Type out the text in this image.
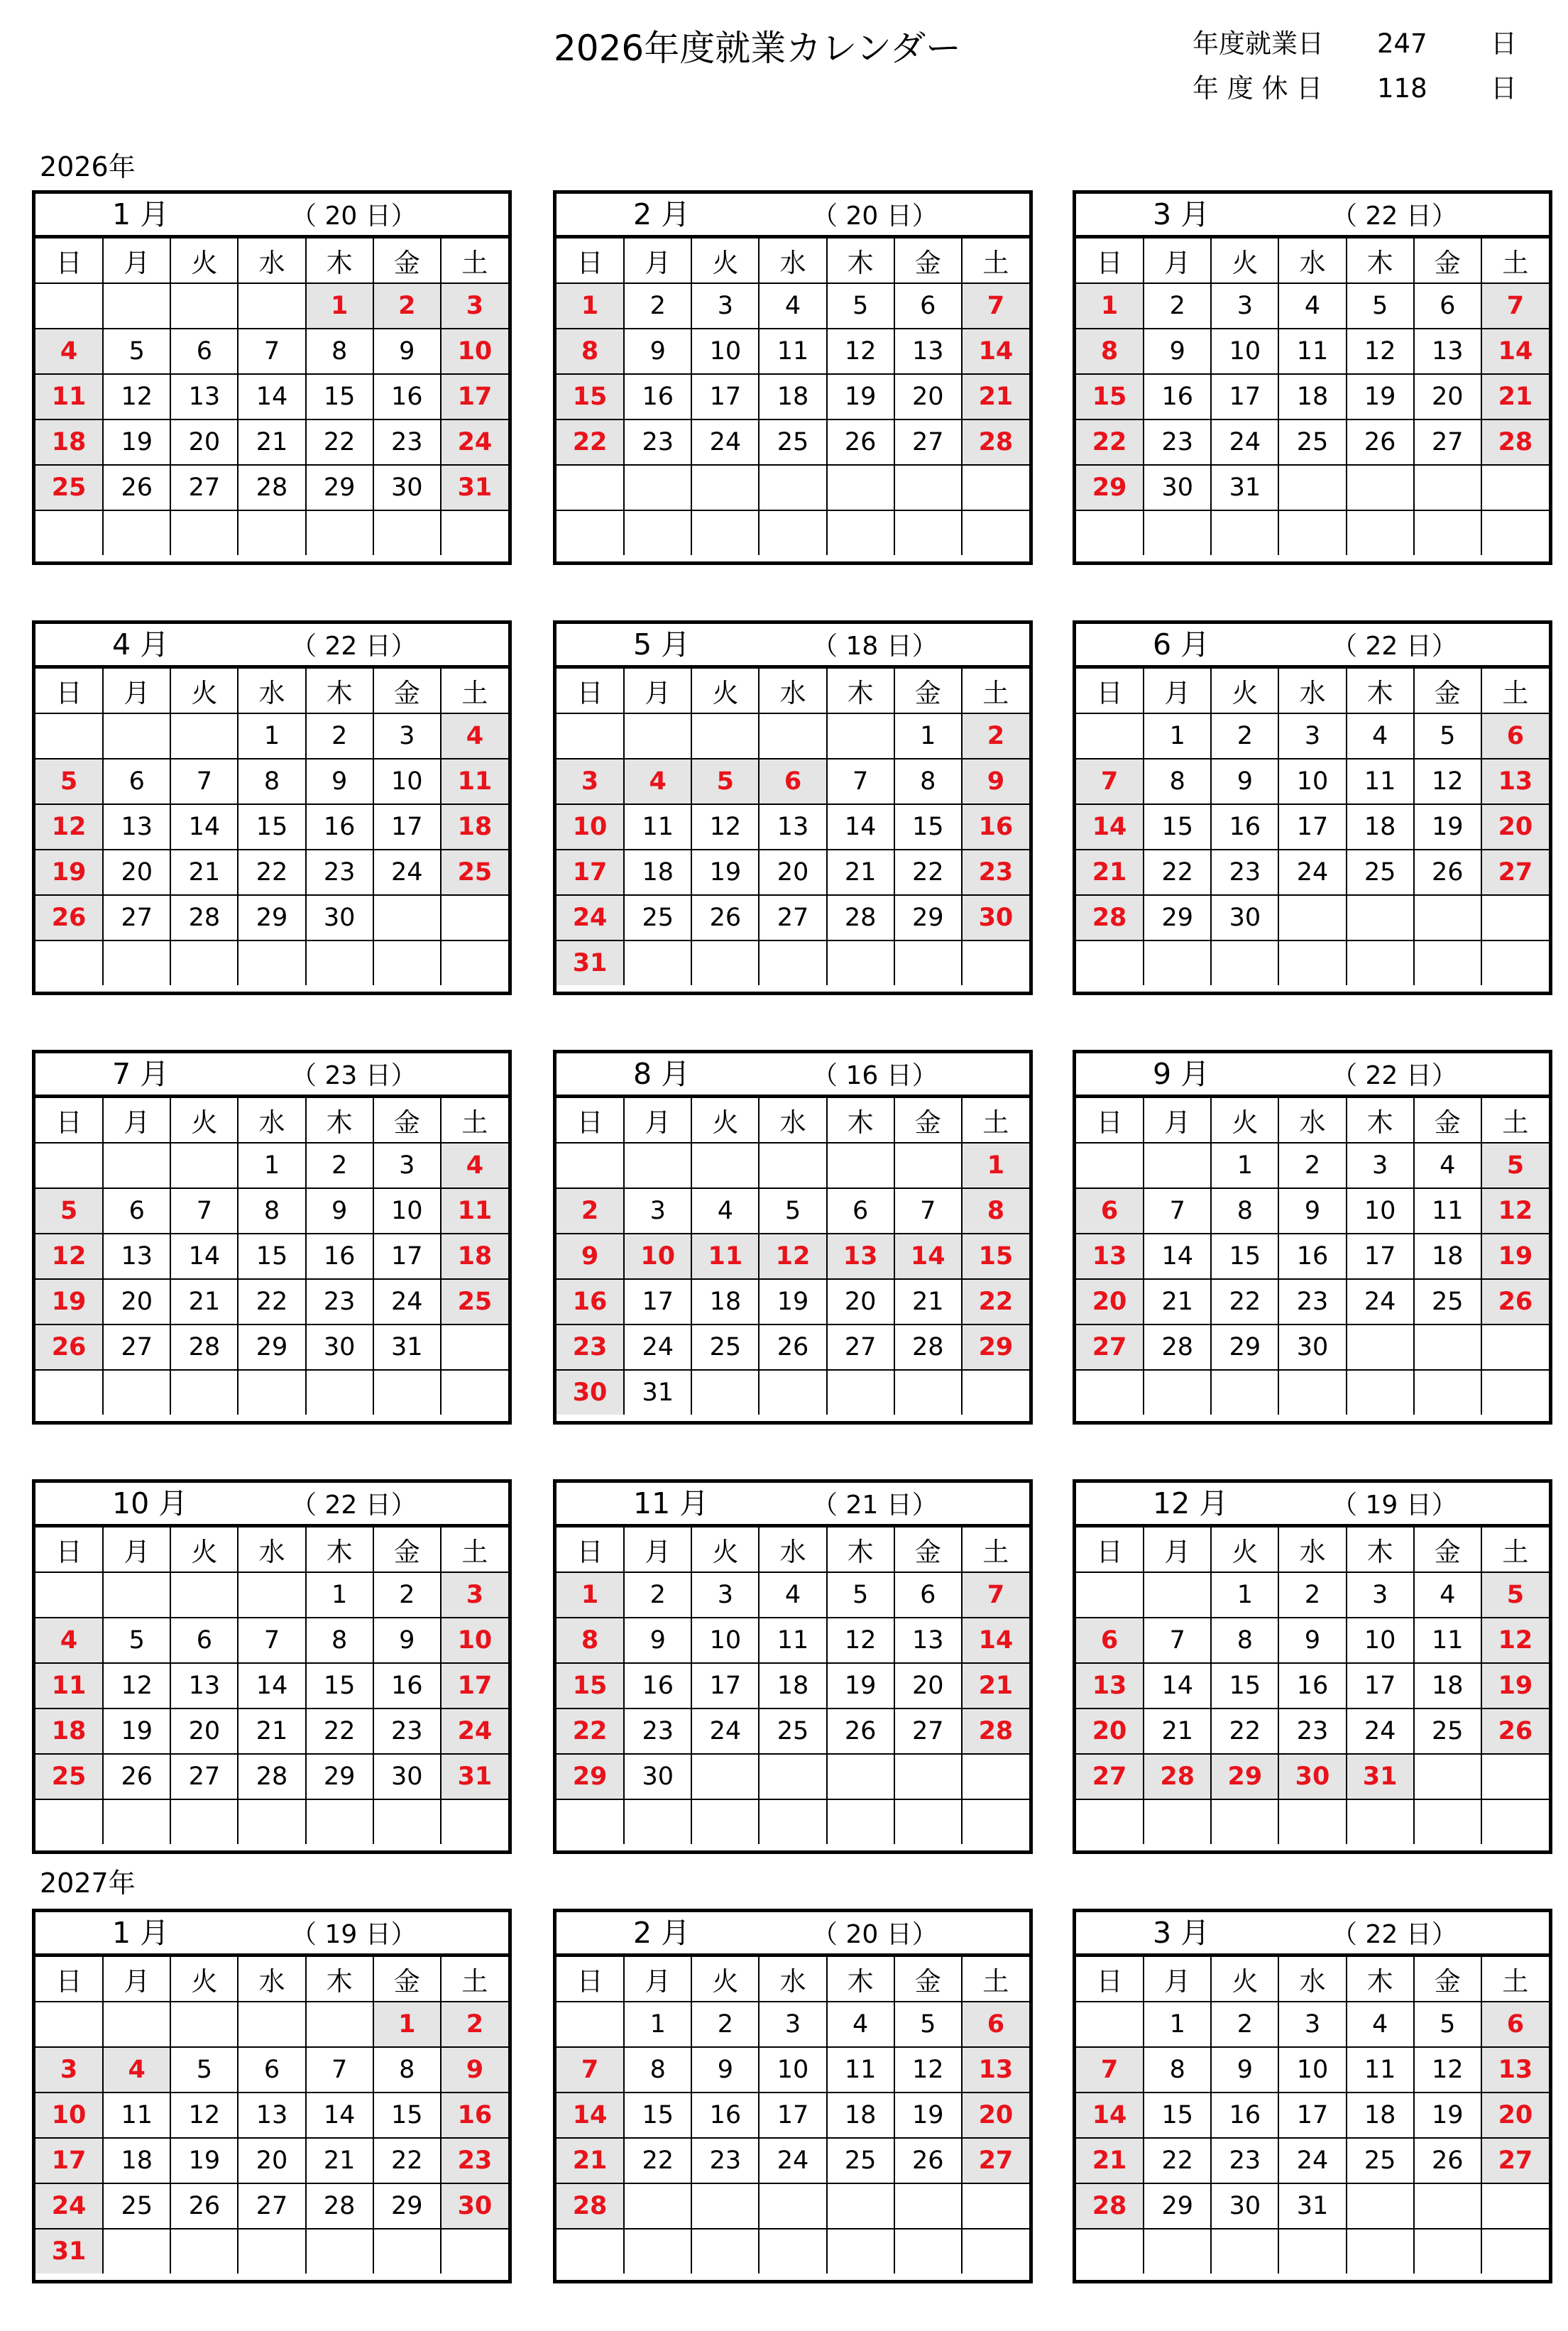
2026年度就業カレンダー	年度就業日	247 日
年 度 休 日	118 日
2026年
2027年
1 月	（ 20 日）
日	月	火	水	木	金	土
				1	2	3
4	5	6	7	8	9	10
11	12	13	14	15	16	17
18	19	20	21	22	23	24
25	26	27	28	29	30	31

2 月	（ 20 日）
日	月	火	水	木	金	土
1	2	3	4	5	6	7
8	9	10	11	12	13	14
15	16	17	18	19	20	21
22	23	24	25	26	27	28

3 月	（ 22 日）
日	月	火	水	木	金	土
1	2	3	4	5	6	7
8	9	10	11	12	13	14
15	16	17	18	19	20	21
22	23	24	25	26	27	28
29	30	31				

4 月	（ 22 日）
日	月	火	水	木	金	土
			1	2	3	4
5	6	7	8	9	10	11
12	13	14	15	16	17	18
19	20	21	22	23	24	25
26	27	28	29	30		

5 月	（ 18 日）
日	月	火	水	木	金	土
					1	2
3	4	5	6	7	8	9
10	11	12	13	14	15	16
17	18	19	20	21	22	23
24	25	26	27	28	29	30
31						
6 月	（ 22 日）
日	月	火	水	木	金	土
	1	2	3	4	5	6
7	8	9	10	11	12	13
14	15	16	17	18	19	20
21	22	23	24	25	26	27
28	29	30				

7 月	（ 23 日）
日	月	火	水	木	金	土
			1	2	3	4
5	6	7	8	9	10	11
12	13	14	15	16	17	18
19	20	21	22	23	24	25
26	27	28	29	30	31	

8 月	（ 16 日）
日	月	火	水	木	金	土
						1
2	3	4	5	6	7	8
9	10	11	12	13	14	15
16	17	18	19	20	21	22
23	24	25	26	27	28	29
30	31					
9 月	（ 22 日）
日	月	火	水	木	金	土
		1	2	3	4	5
6	7	8	9	10	11	12
13	14	15	16	17	18	19
20	21	22	23	24	25	26
27	28	29	30			

10 月	（ 22 日）
日	月	火	水	木	金	土
				1	2	3
4	5	6	7	8	9	10
11	12	13	14	15	16	17
18	19	20	21	22	23	24
25	26	27	28	29	30	31

11 月	（ 21 日）
日	月	火	水	木	金	土
1	2	3	4	5	6	7
8	9	10	11	12	13	14
15	16	17	18	19	20	21
22	23	24	25	26	27	28
29	30					

12 月	（ 19 日）
日	月	火	水	木	金	土
		1	2	3	4	5
6	7	8	9	10	11	12
13	14	15	16	17	18	19
20	21	22	23	24	25	26
27	28	29	30	31		

1 月	（ 19 日）
日	月	火	水	木	金	土
					1	2
3	4	5	6	7	8	9
10	11	12	13	14	15	16
17	18	19	20	21	22	23
24	25	26	27	28	29	30
31						
2 月	（ 20 日）
日	月	火	水	木	金	土
	1	2	3	4	5	6
7	8	9	10	11	12	13
14	15	16	17	18	19	20
21	22	23	24	25	26	27
28						

3 月	（ 22 日）
日	月	火	水	木	金	土
	1	2	3	4	5	6
7	8	9	10	11	12	13
14	15	16	17	18	19	20
21	22	23	24	25	26	27
28	29	30	31			
